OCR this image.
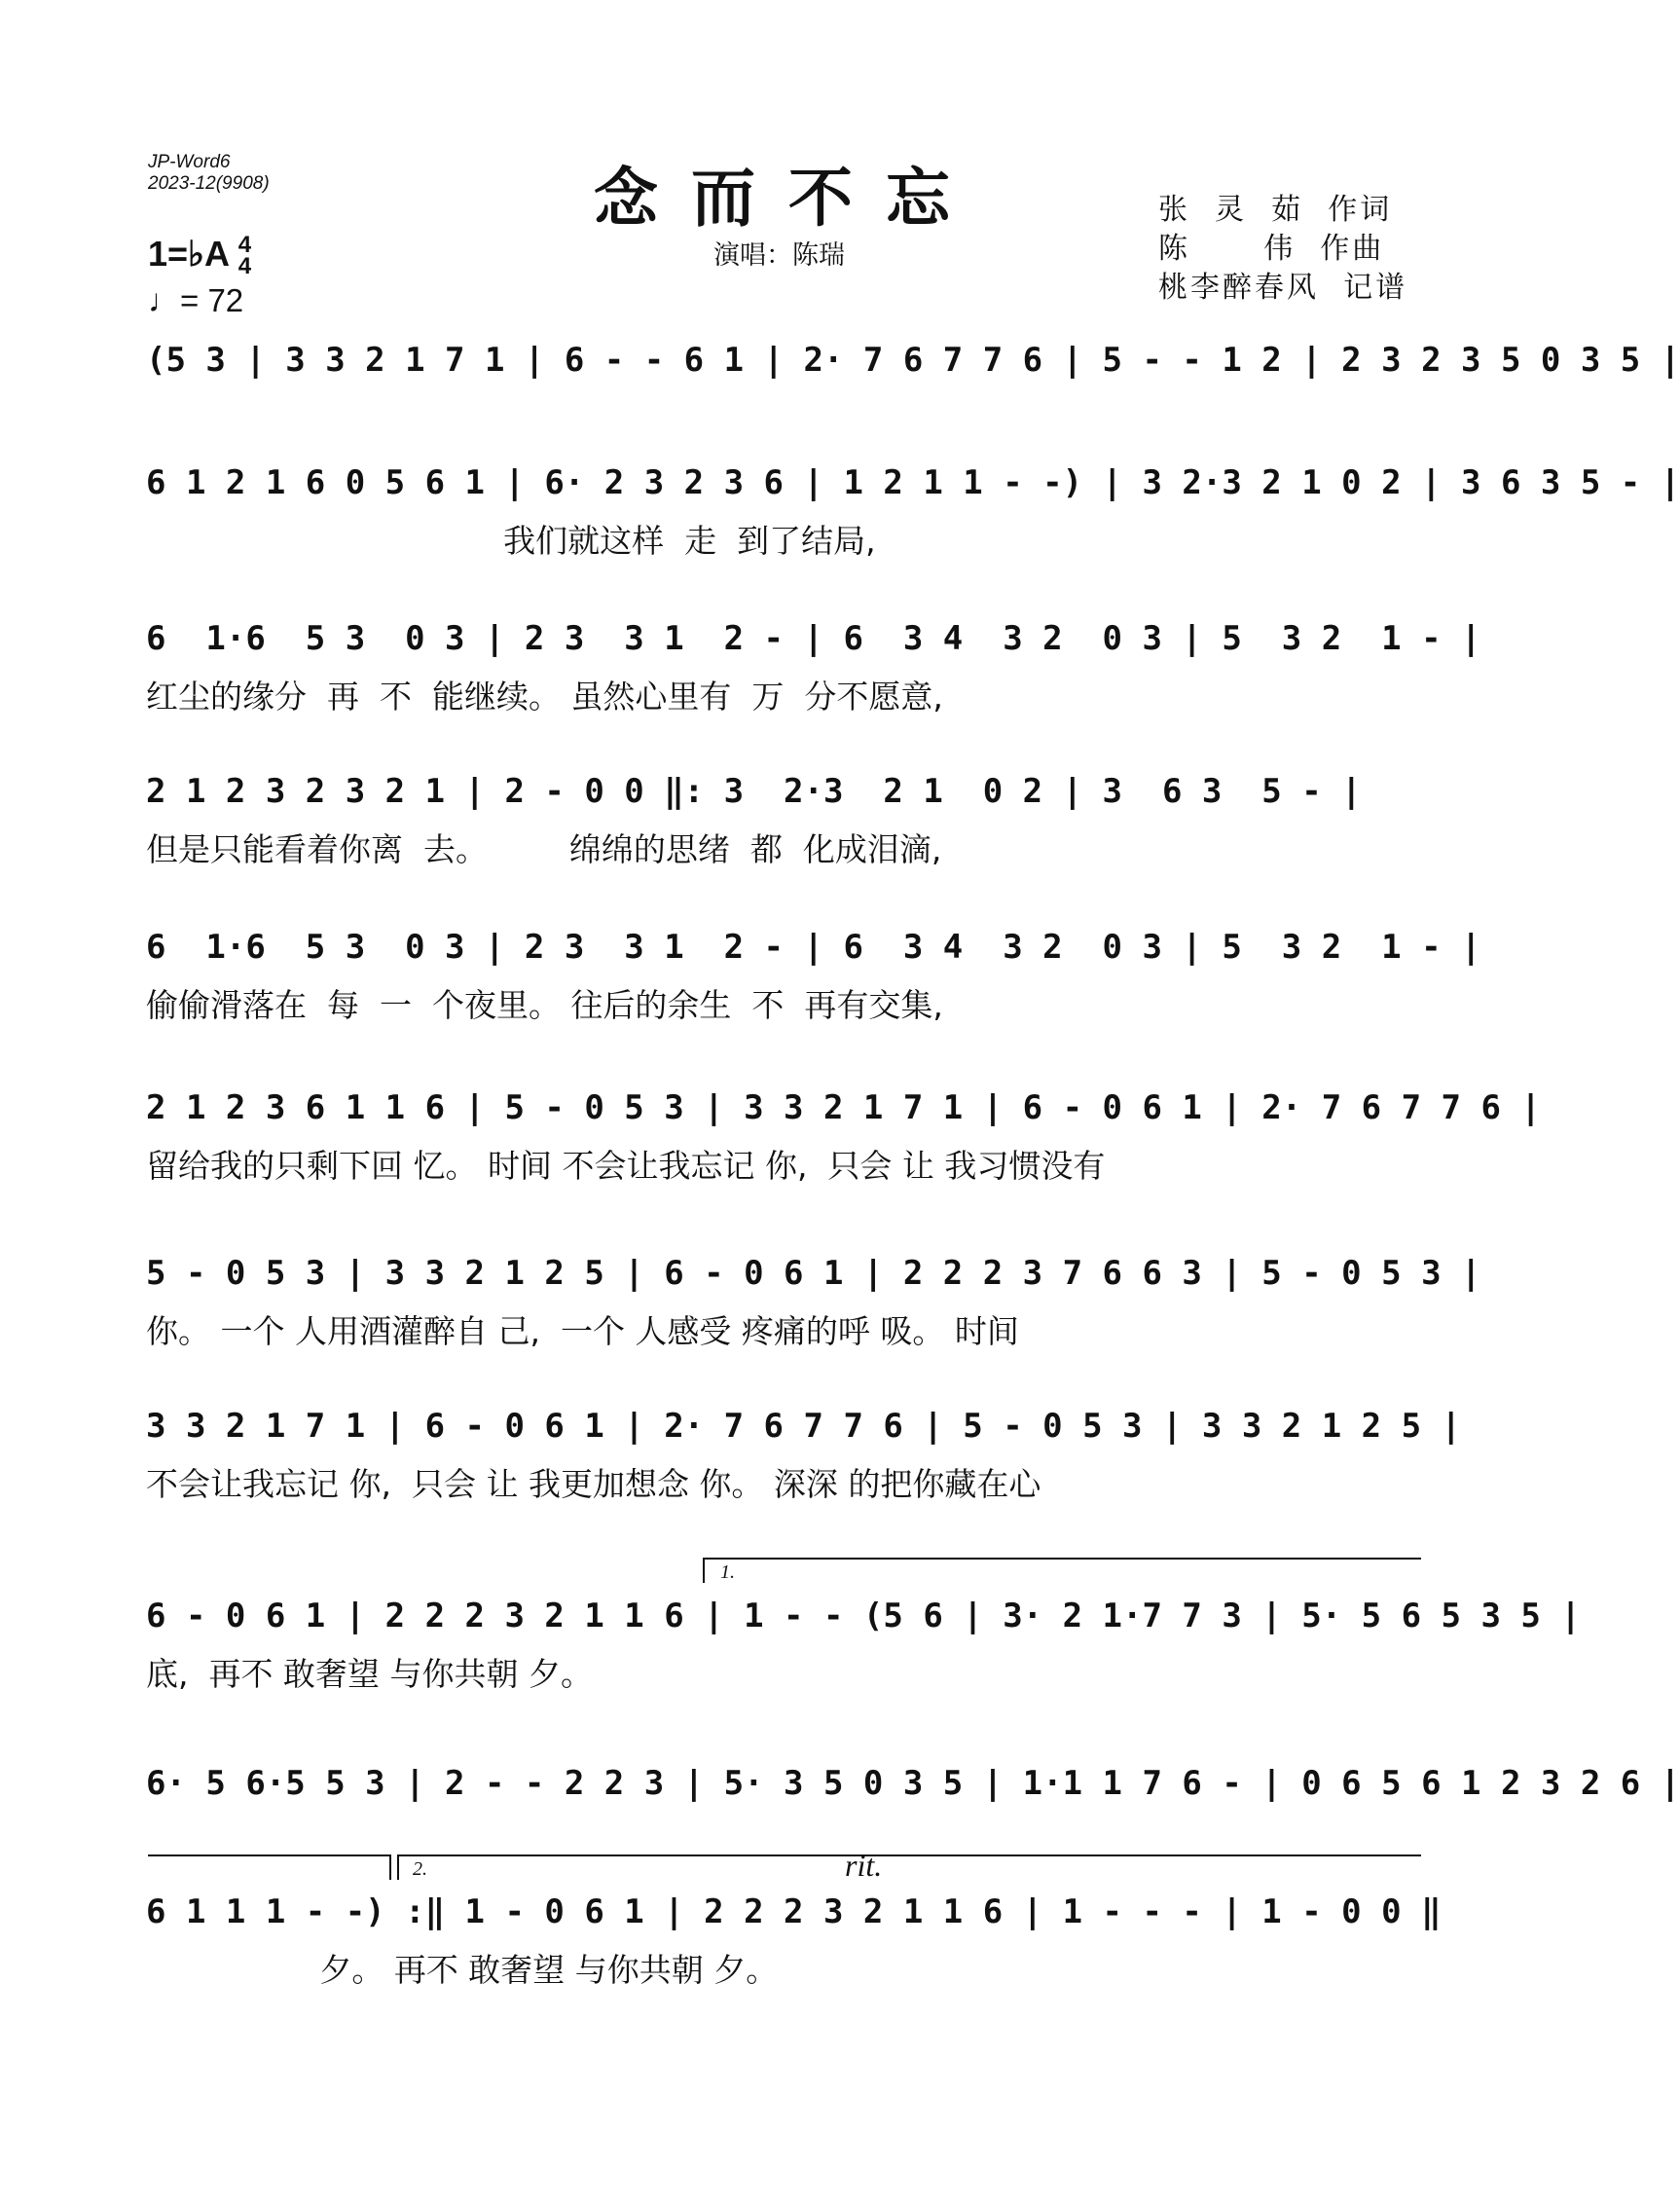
JP-Word6
2023-12(9908)	念而不忘
演唱：陈瑞
张  灵  茹  作词
陈      伟  作曲
桃李醉春风  记谱
1=♭A 4
4
♩= 72
(5 3 | 3 3 2 1 7 1 | 6 - - 6 1 | 2· 7 6 7 7 6 | 5 - - 1 2 | 2 3 2 3 5 0 3 5 |
6 1 2 1 6 0 5 6 1 | 6· 2 3 2 3 6 | 1 2 1 1 - -) | 3 2·3 2 1 0 2 | 3 6 3 5 - |
我们就这样  走  到了结局,
6  1·6  5 3  0 3 | 2 3  3 1  2 - | 6  3 4  3 2  0 3 | 5  3 2  1 - |
红尘的缘分  再  不  能继续。 虽然心里有  万  分不愿意,
2 1 2 3 2 3 2 1 | 2 - 0 0 ‖: 3  2·3  2 1  0 2 | 3  6 3  5 - |
但是只能看着你离  去。        绵绵的思绪  都  化成泪滴,
6  1·6  5 3  0 3 | 2 3  3 1  2 - | 6  3 4  3 2  0 3 | 5  3 2  1 - |
偷偷滑落在  每  一  个夜里。 往后的余生  不  再有交集,
2 1 2 3 6 1 1 6 | 5 - 0 5 3 | 3 3 2 1 7 1 | 6 - 0 6 1 | 2· 7 6 7 7 6 |
留给我的只剩下回 忆。 时间 不会让我忘记 你,  只会 让 我习惯没有
5 - 0 5 3 | 3 3 2 1 2 5 | 6 - 0 6 1 | 2 2 2 3 7 6 6 3 | 5 - 0 5 3 |
你。 一个 人用酒灌醉自 己,  一个 人感受 疼痛的呼 吸。 时间
3 3 2 1 7 1 | 6 - 0 6 1 | 2· 7 6 7 7 6 | 5 - 0 5 3 | 3 3 2 1 2 5 |
不会让我忘记 你,  只会 让 我更加想念 你。 深深 的把你藏在心
1.
6 - 0 6 1 | 2 2 2 3 2 1 1 6 | 1 - - (5 6 | 3· 2 1·7 7 3 | 5· 5 6 5 3 5 |
底,  再不 敢奢望 与你共朝 夕。
6· 5 6·5 5 3 | 2 - - 2 2 3 | 5· 3 5 0 3 5 | 1·1 1 7 6 - | 0 6 5 6 1 2 3 2 6 |
2.	rit.
6 1 1 1 - -) :‖ 1 - 0 6 1 | 2 2 2 3 2 1 1 6 | 1 - - - | 1 - 0 0 ‖
夕。 再不 敢奢望 与你共朝 夕。
